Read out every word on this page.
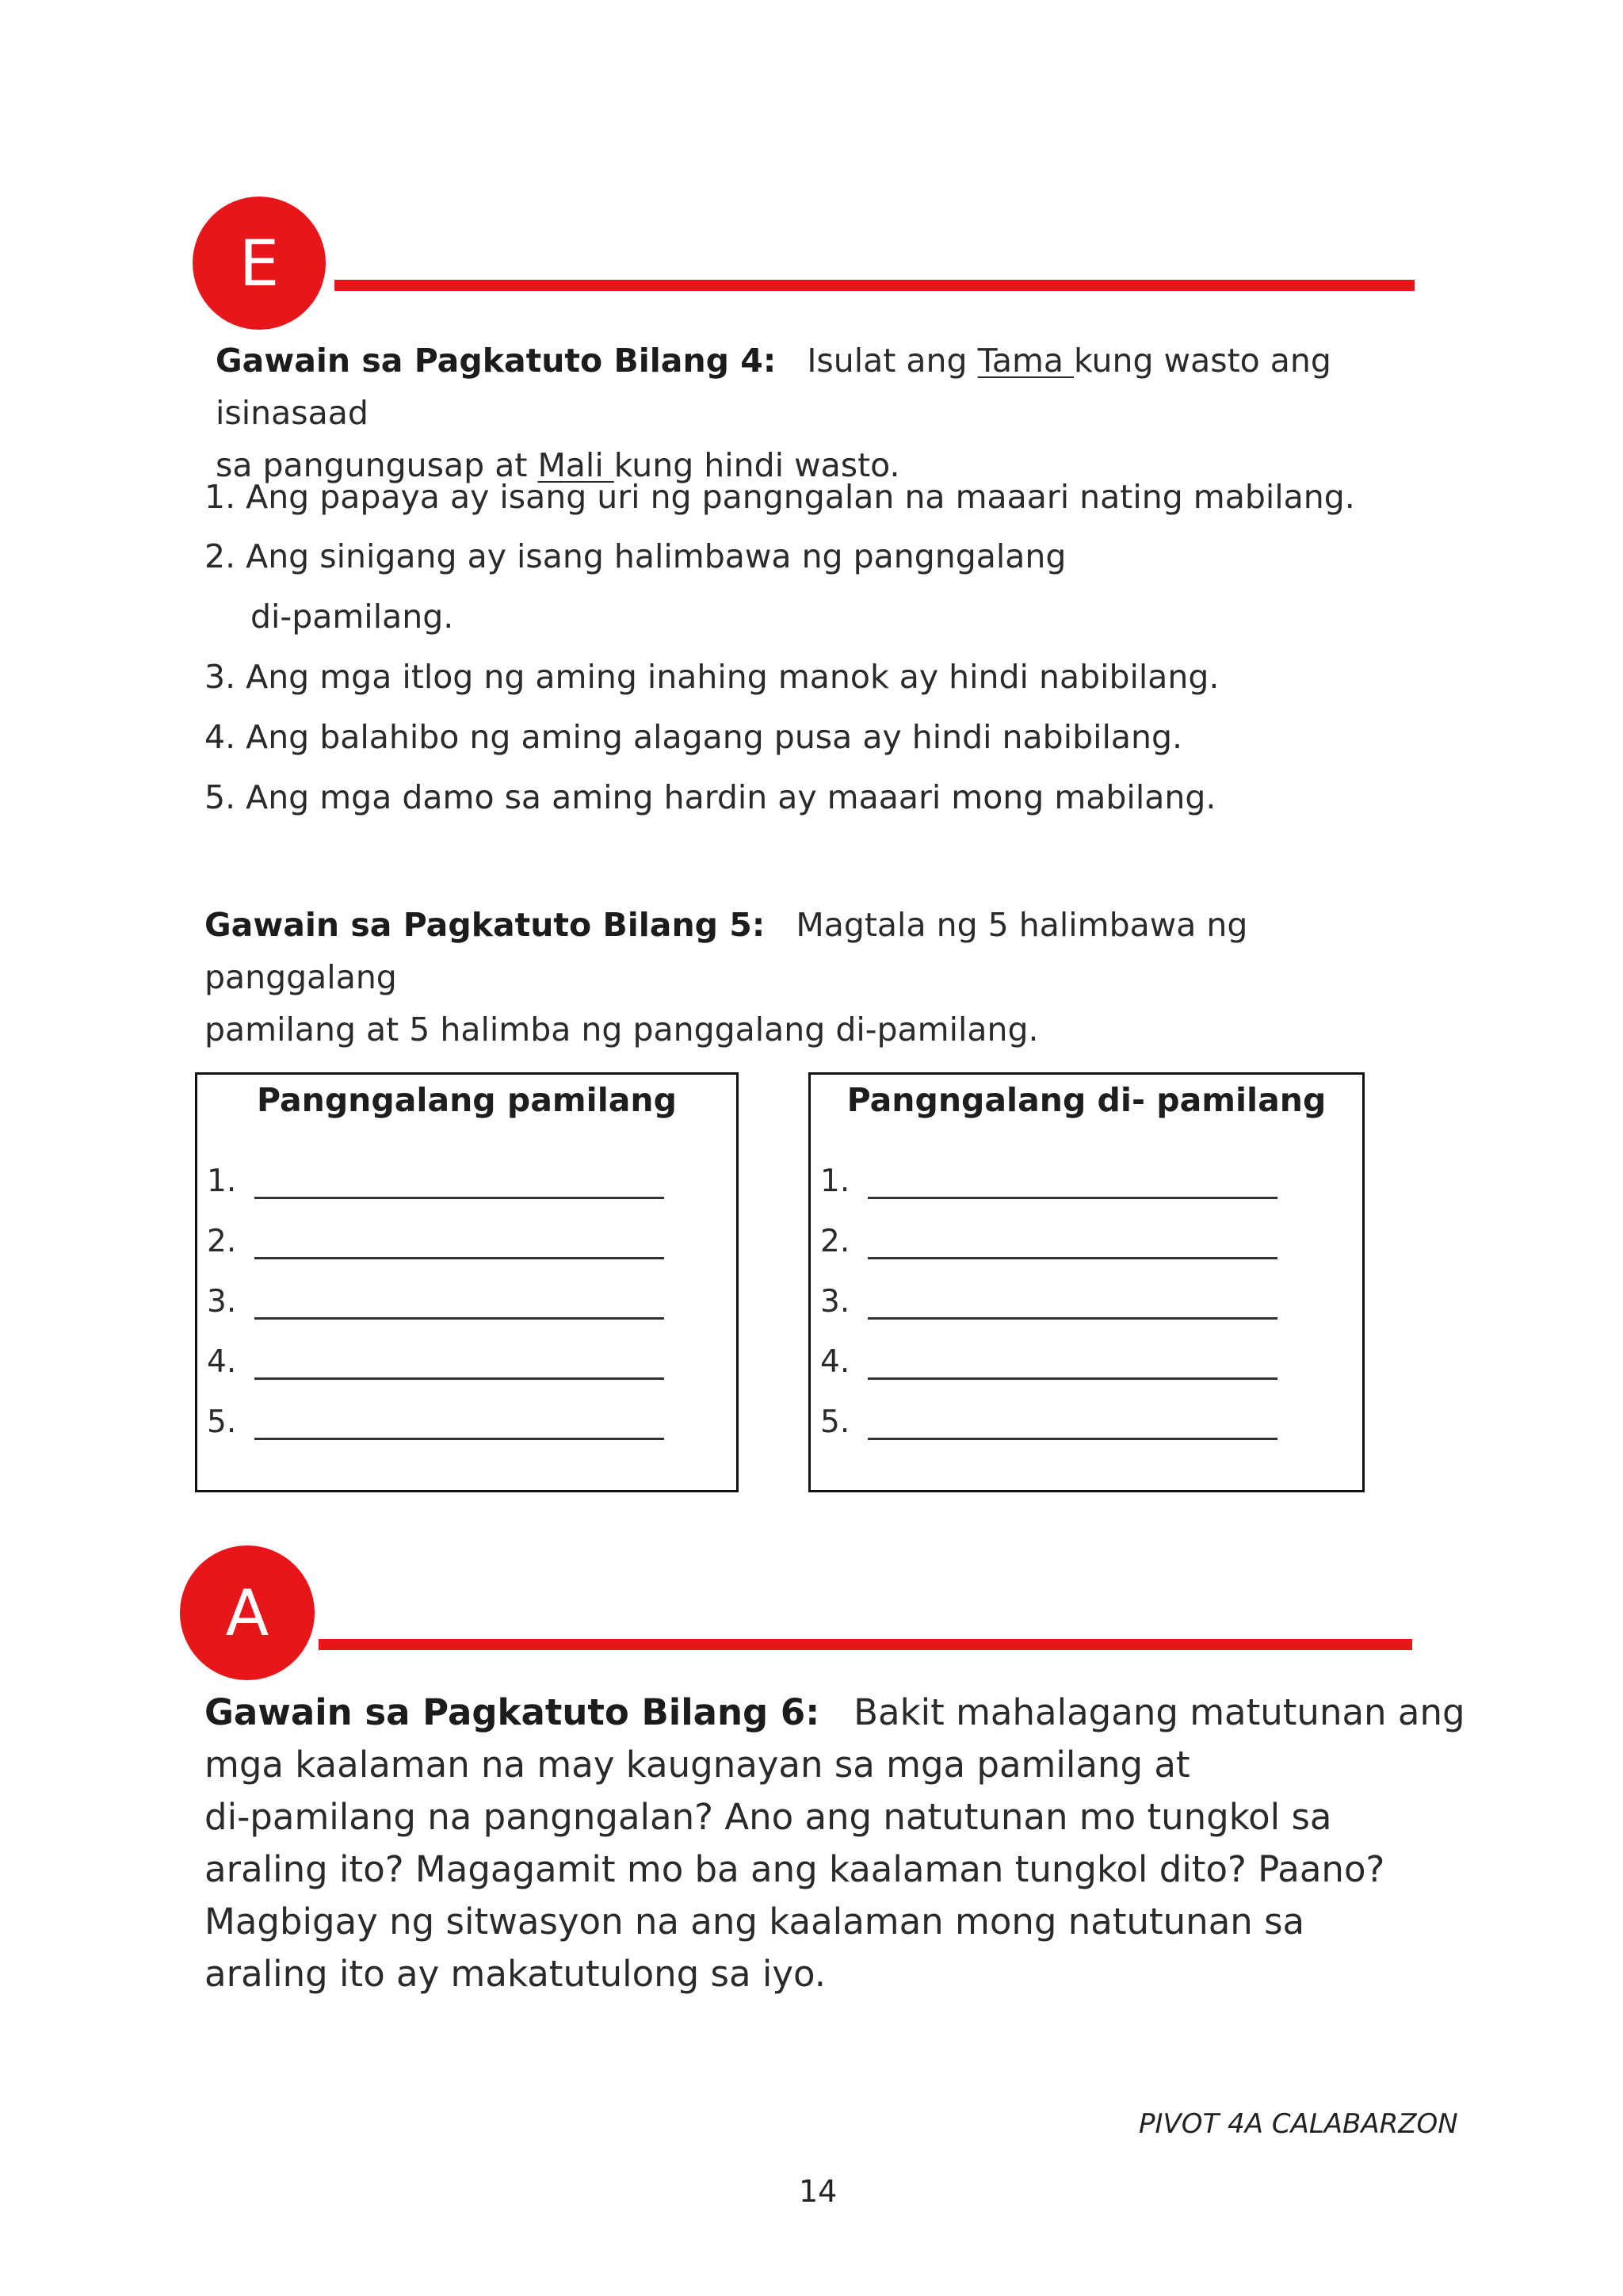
E
Gawain sa Pagkatuto Bilang 4: Isulat ang Tama kung wasto ang isinasaad
sa pangungusap at Mali kung hindi wasto.
1. Ang papaya ay isang uri ng pangngalan na maaari nating mabilang.
2. Ang sinigang ay isang halimbawa ng pangngalang
di-pamilang.
3. Ang mga itlog ng aming inahing manok ay hindi nabibilang.
4. Ang balahibo ng aming alagang pusa ay hindi nabibilang.
5. Ang mga damo sa aming hardin ay maaari mong mabilang.
Gawain sa Pagkatuto Bilang 5: Magtala ng 5 halimbawa ng panggalang
pamilang at 5 halimba ng panggalang di-pamilang.
Pangngalang pamilang
1.
2.
3.
4.
5.
Pangngalang di- pamilang
1.
2.
3.
4.
5.
A
Gawain sa Pagkatuto Bilang 6: Bakit mahalagang matutunan ang
mga kaalaman na may kaugnayan sa mga pamilang at
di-pamilang na pangngalan? Ano ang natutunan mo tungkol sa
araling ito? Magagamit mo ba ang kaalaman tungkol dito? Paano?
Magbigay ng sitwasyon na ang kaalaman mong natutunan sa
araling ito ay makatutulong sa iyo.
PIVOT 4A CALABARZON
14
